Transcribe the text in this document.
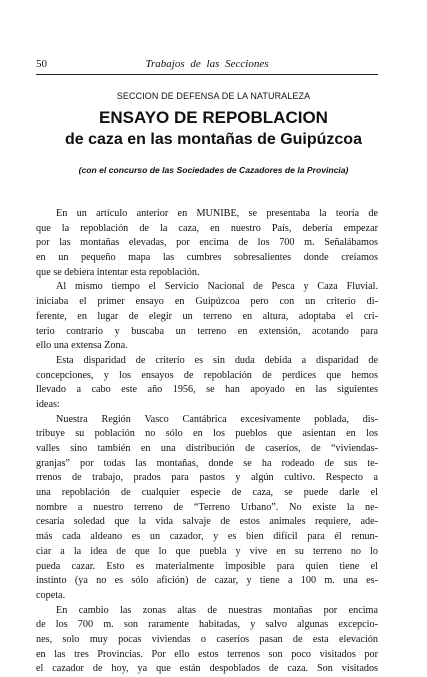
50	Trabajos de las Secciones
SECCION DE DEFENSA DE LA NATURALEZA
ENSAYO DE REPOBLACION
de caza en las montañas de Guipúzcoa
(con el concurso de las Sociedades de Cazadores de la Provincia)
En un artículo anterior en MUNIBE, se presentaba la teoría de
que la repoblación de la caza, en nuestro País, debería empezar
por las montañas elevadas, por encima de los 700 m. Señalábamos
en un pequeño mapa las cumbres sobresalientes donde creíamos
que se debiera intentar esta repoblación.
Al mismo tiempo el Servicio Nacional de Pesca y Caza Fluvial.
iniciaba el primer ensayo en Guipúzcoa pero con un criterio di-
ferente, en lugar de elegir un terreno en altura, adoptaba el cri-
terio contrario y buscaba un terreno en extensión, acotando para
ello una extensa Zona.
Esta disparidad de criterio es sin duda debida a disparidad de
concepciones, y los ensayos de repoblación de perdices que hemos
llevado a cabo este año 1956, se han apoyado en las siguientes
ideas:
Nuestra Región Vasco Cantábrica excesivamente poblada, dis-
tribuye su población no sólo en los pueblos que asientan en los
valles sino también en una distribución de caseríos, de “viviendas-
granjas” por todas las montañas, donde se ha rodeado de sus te-
rrenos de trabajo, prados para pastos y algún cultivo. Respecto a
una repoblación de cualquier especie de caza, se puede darle el
nombre a nuestro terreno de “Terreno Urbano”. No existe la ne-
cesaria soledad que la vida salvaje de estos animales requiere, ade-
más cada aldeano es un cazador, y es bien difícil para él renun-
ciar a la idea de que lo que puebla y vive en su terreno no lo
pueda cazar. Esto es materialmente imposible para quien tiene el
instinto (ya no es sólo afición) de cazar, y tiene a 100 m. una es-
copeta.
En cambio las zonas altas de nuestras montañas por encima
de los 700 m. son raramente habitadas, y salvo algunas excepcio-
nes, solo muy pocas viviendas o caseríos pasan de esta elevación
en las tres Provincias. Por ello estos terrenos son poco visitados por
el cazador de hoy, ya que están despoblados de caza. Son visitados
